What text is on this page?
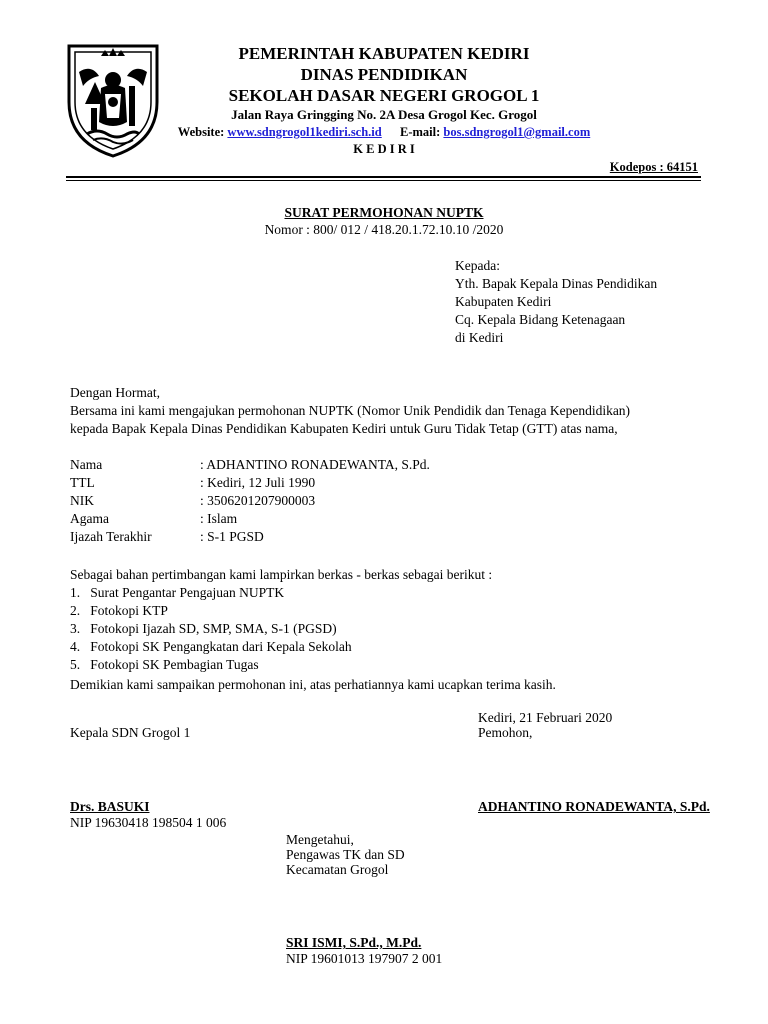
PEMERINTAH KABUPATEN KEDIRI
DINAS PENDIDIKAN
SEKOLAH DASAR NEGERI GROGOL 1
Jalan Raya Gringging No. 2A Desa Grogol Kec. Grogol
Website: www.sdngrogol1kediri.sch.id E-mail: bos.sdngrogol1@gmail.com
K E D I R I
Kodepos : 64151
SURAT PERMOHONAN NUPTK
Nomor : 800/ 012 / 418.20.1.72.10.10 /2020
Kepada:
Yth. Bapak Kepala Dinas Pendidikan
Kabupaten Kediri
Cq. Kepala Bidang Ketenagaan
di Kediri
Dengan Hormat,
Bersama ini kami mengajukan permohonan NUPTK (Nomor Unik Pendidik dan Tenaga Kependidikan)
kepada Bapak Kepala Dinas Pendidikan Kabupaten Kediri untuk Guru Tidak Tetap (GTT) atas nama,
Nama	: ADHANTINO RONADEWANTA, S.Pd.
TTL	: Kediri, 12 Juli 1990
NIK	: 3506201207900003
Agama	: Islam
Ijazah Terakhir	: S-1 PGSD
Sebagai bahan pertimbangan kami lampirkan berkas - berkas sebagai berikut :
1.   Surat Pengantar Pengajuan NUPTK
2.   Fotokopi KTP
3.   Fotokopi Ijazah SD, SMP, SMA, S-1 (PGSD)
4.   Fotokopi SK Pengangkatan dari Kepala Sekolah
5.   Fotokopi SK Pembagian Tugas
Demikian kami sampaikan permohonan ini, atas perhatiannya kami ucapkan terima kasih.
Kediri, 21 Februari 2020
Kepala SDN Grogol 1	Pemohon,
Drs. BASUKI	ADHANTINO RONADEWANTA, S.Pd.
NIP 19630418 198504 1 006
Mengetahui,
Pengawas TK dan SD
Kecamatan Grogol
SRI ISMI, S.Pd., M.Pd.
NIP 19601013 197907 2 001
